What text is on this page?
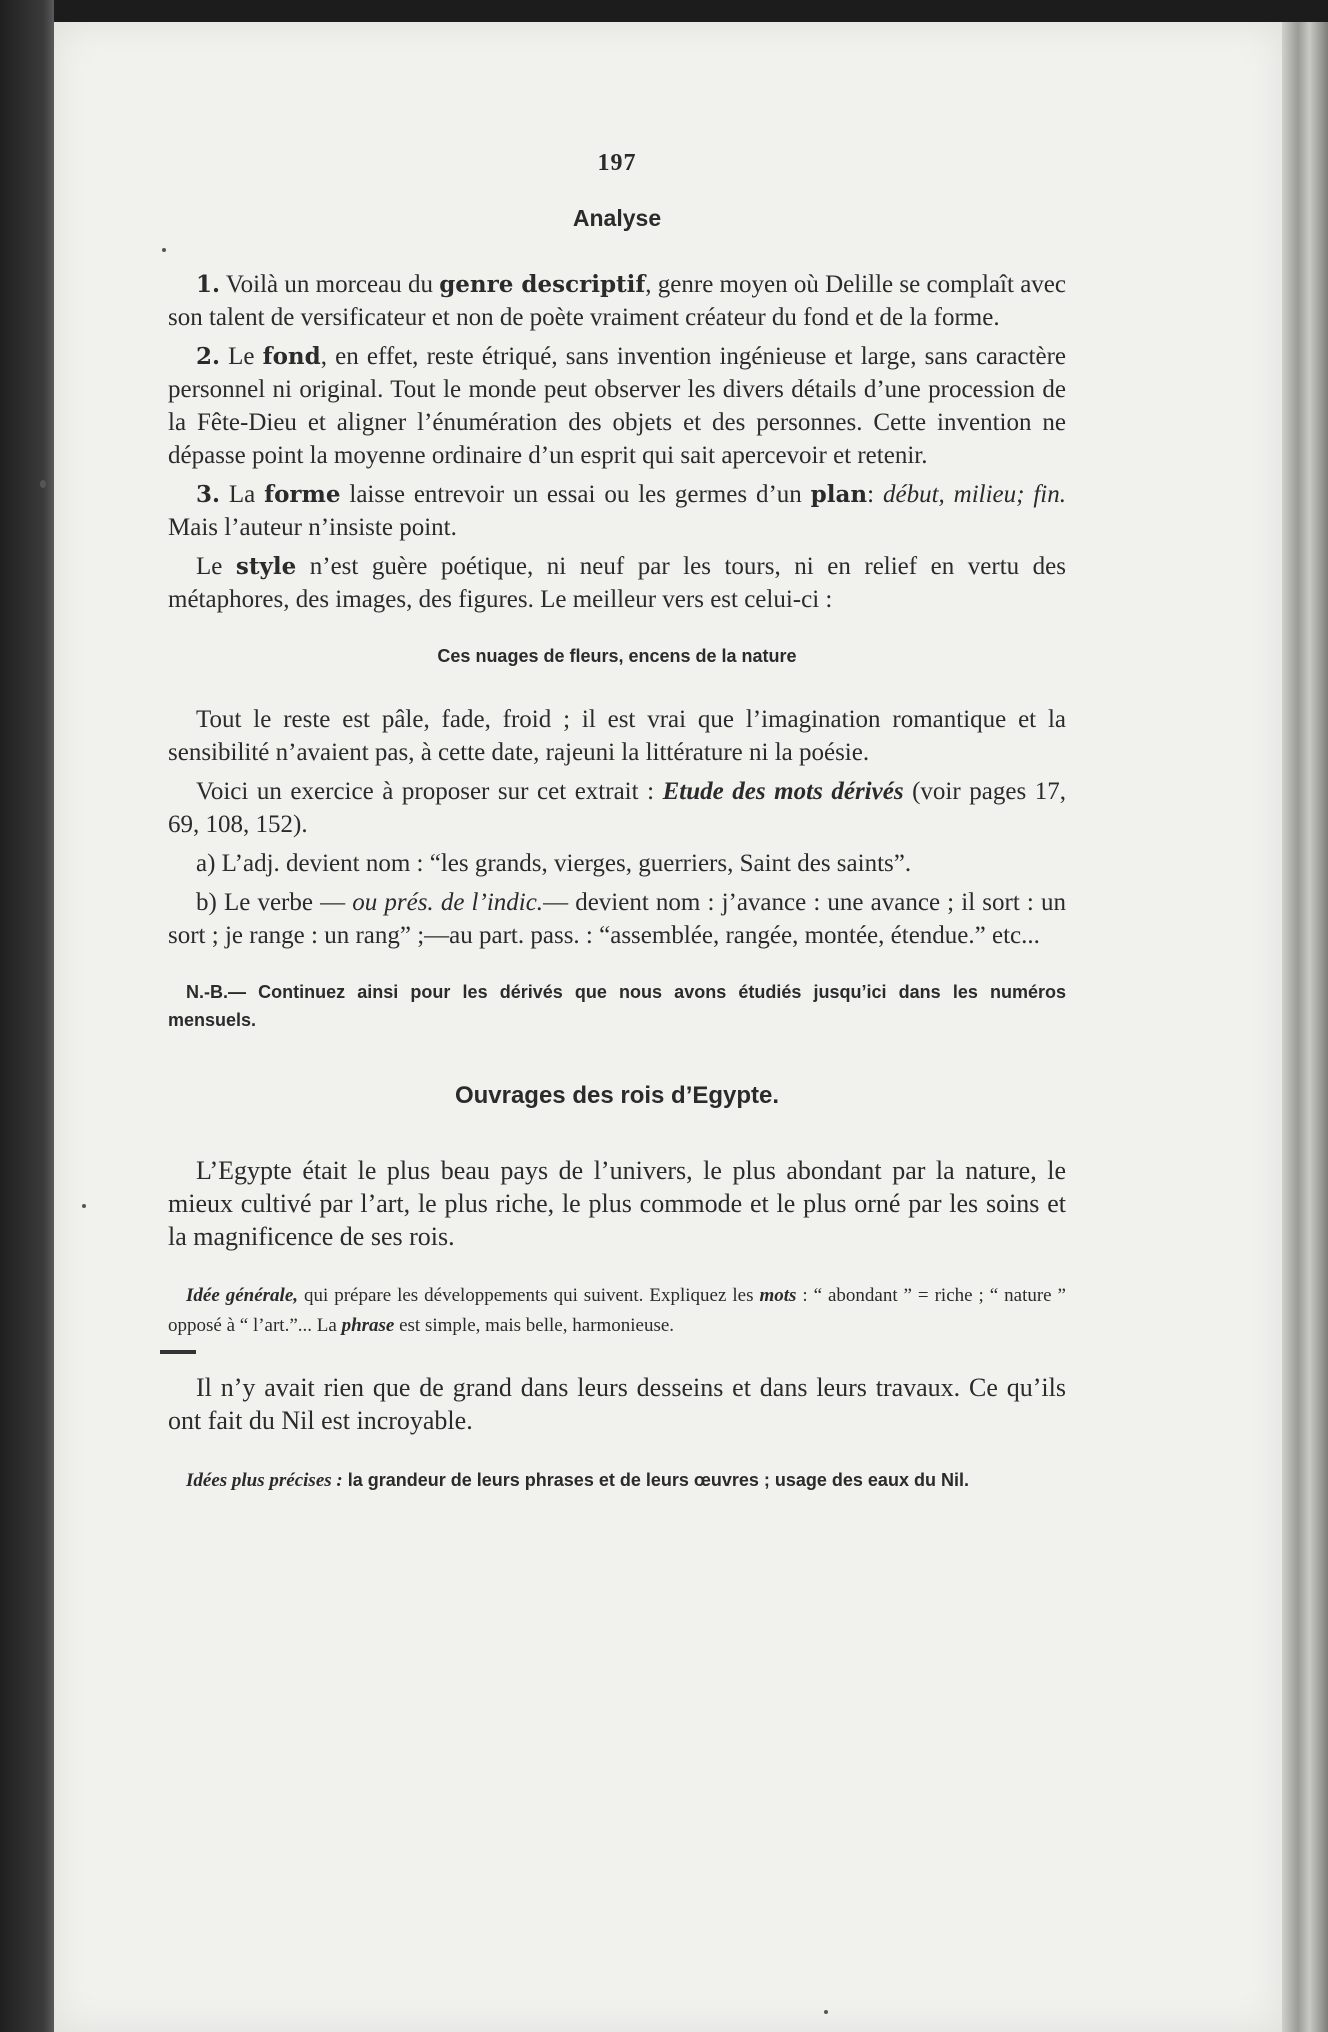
197
Analyse

1. Voilà un morceau du genre descriptif, genre moyen où Delille se complaît avec son talent de versificateur et non de poète vraiment créateur du fond et de la forme.

2. Le fond, en effet, reste étriqué, sans invention ingénieuse et large, sans caractère personnel ni original. Tout le monde peut observer les divers détails d’une procession de la Fête-Dieu et aligner l’énumération des objets et des personnes. Cette invention ne dépasse point la moyenne ordinaire d’un esprit qui sait apercevoir et retenir.

3. La forme laisse entrevoir un essai ou les germes d’un plan: début, milieu; fin. Mais l’auteur n’insiste point.

Le style n’est guère poétique, ni neuf par les tours, ni en relief en vertu des métaphores, des images, des figures. Le meilleur vers est celui-ci :

Ces nuages de fleurs, encens de la nature

Tout le reste est pâle, fade, froid ; il est vrai que l’imagination romantique et la sensibilité n’avaient pas, à cette date, rajeuni la littérature ni la poésie.

Voici un exercice à proposer sur cet extrait : Etude des mots dérivés (voir pages 17, 69, 108, 152).

a) L’adj. devient nom : “les grands, vierges, guerriers, Saint des saints”.

b) Le verbe — ou prés. de l’indic.— devient nom : j’avance : une avance ; il sort : un sort ; je range : un rang” ;—au part. pass. : “assemblée, rangée, montée, étendue.” etc...

N.-B.— Continuez ainsi pour les dérivés que nous avons étudiés jusqu’ici dans les numéros mensuels.

Ouvrages des rois d’Egypte.

L’Egypte était le plus beau pays de l’univers, le plus abondant par la nature, le mieux cultivé par l’art, le plus riche, le plus commode et le plus orné par les soins et la magnificence de ses rois.

Idée générale, qui prépare les développements qui suivent. Expliquez les mots : “ abondant ” = riche ; “ nature ” opposé à “ l’art.”... La phrase est simple, mais belle, harmonieuse.

Il n’y avait rien que de grand dans leurs desseins et dans leurs travaux. Ce qu’ils ont fait du Nil est incroyable.

Idées plus précises : la grandeur de leurs phrases et de leurs œuvres ; usage des eaux du Nil.
